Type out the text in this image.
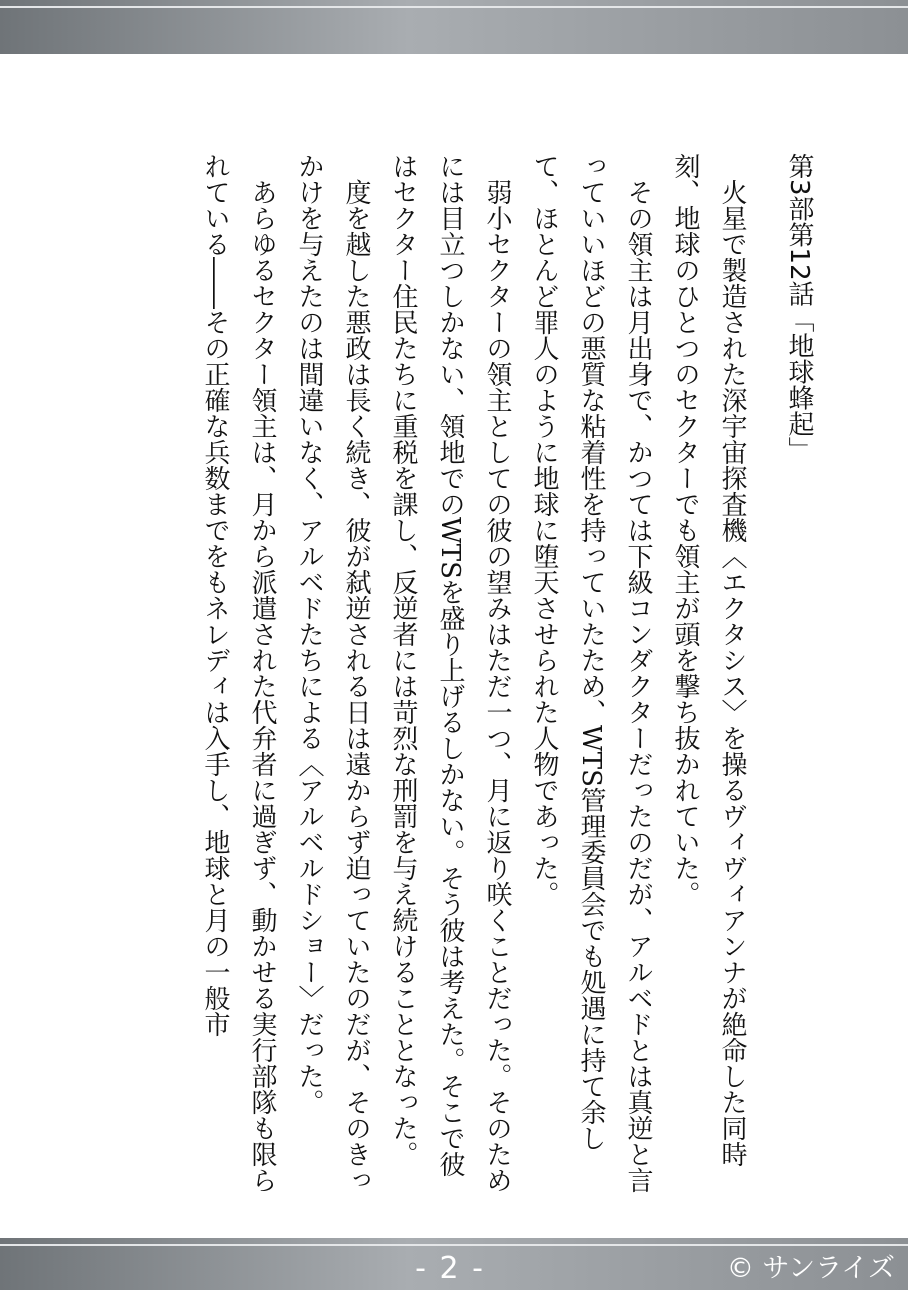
第3部第12話「地球蜂起」

火星で製造された深宇宙探査機〈エクタシス〉を操るヴィヴィアンナが絶命した同時刻、地球のひとつのセクターでも領主が頭を撃ち抜かれていた。

その領主は月出身で、かつては下級コンダクターだったのだが、アルベドとは真逆と言っていいほどの悪質な粘着性を持っていたため、WTS管理委員会でも処遇に持て余して、ほとんど罪人のように地球に堕天させられた人物であった。

弱小セクターの領主としての彼の望みはただ一つ、月に返り咲くことだった。そのためには目立つしかない、領地でのWTSを盛り上げるしかない。そう彼は考えた。そこで彼はセクター住民たちに重税を課し、反逆者には苛烈な刑罰を与え続けることとなった。

度を越した悪政は長く続き、彼が弑逆される日は遠からず迫っていたのだが、そのきっかけを与えたのは間違いなく、アルベドたちによる〈アルベルドショー〉だった。

あらゆるセクター領主は、月から派遣された代弁者に過ぎず、動かせる実行部隊も限られている――その正確な兵数までをもネレディは入手し、地球と月の一般市

- 2 -	© サンライズ
